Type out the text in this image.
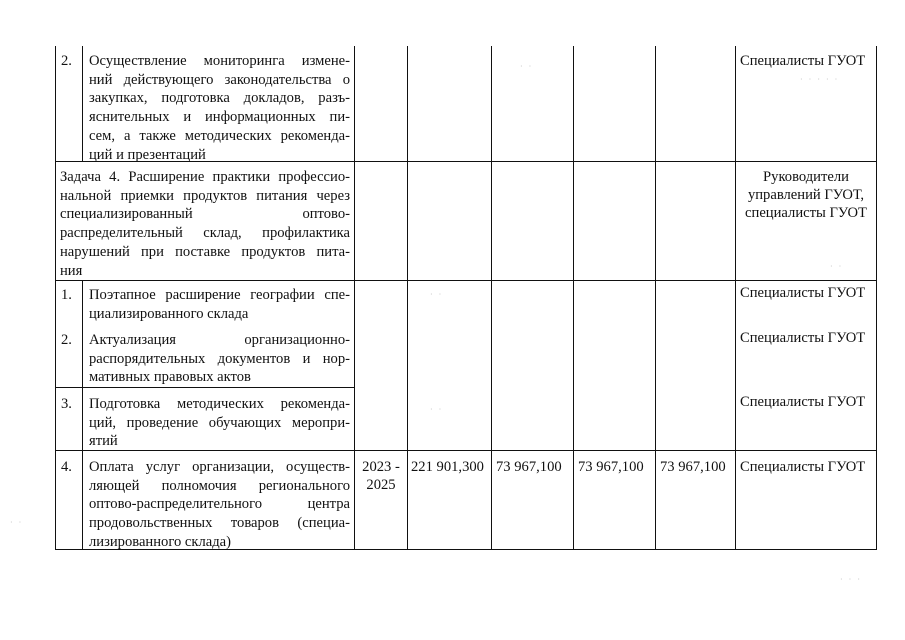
2. Осуществление мониторинга измене-
ний действующего законодательства о
закупках, подготовка докладов, разъ-
яснительных и информационных пи-
сем, а также методических рекоменда-
ций и презентаций
Специалисты ГУОТ
Задача 4. Расширение практики профессио-
нальной приемки продуктов питания через
специализированный оптово-
распределительный склад, профилактика
нарушений при поставке продуктов пита-
ния
Руководители
управлений ГУОТ,
специалисты ГУОТ
1. Поэтапное расширение географии спе-
циализированного склада
Специалисты ГУОТ
2. Актуализация организационно-
распорядительных документов и нор-
мативных правовых актов
Специалисты ГУОТ
3. Подготовка методических рекоменда-
ций, проведение обучающих меропри-
ятий
Специалисты ГУОТ
4. Оплата услуг организации, осуществ-
ляющей полномочия регионального
оптово-распределительного центра
продовольственных товаров (специа-
лизированного склада)
2023 -
2025
221 901,300 73 967,100 73 967,100 73 967,100 Специалисты ГУОТ
· ·
· · · · ·
· ·
· ·
· ·
· ·
· · ·
